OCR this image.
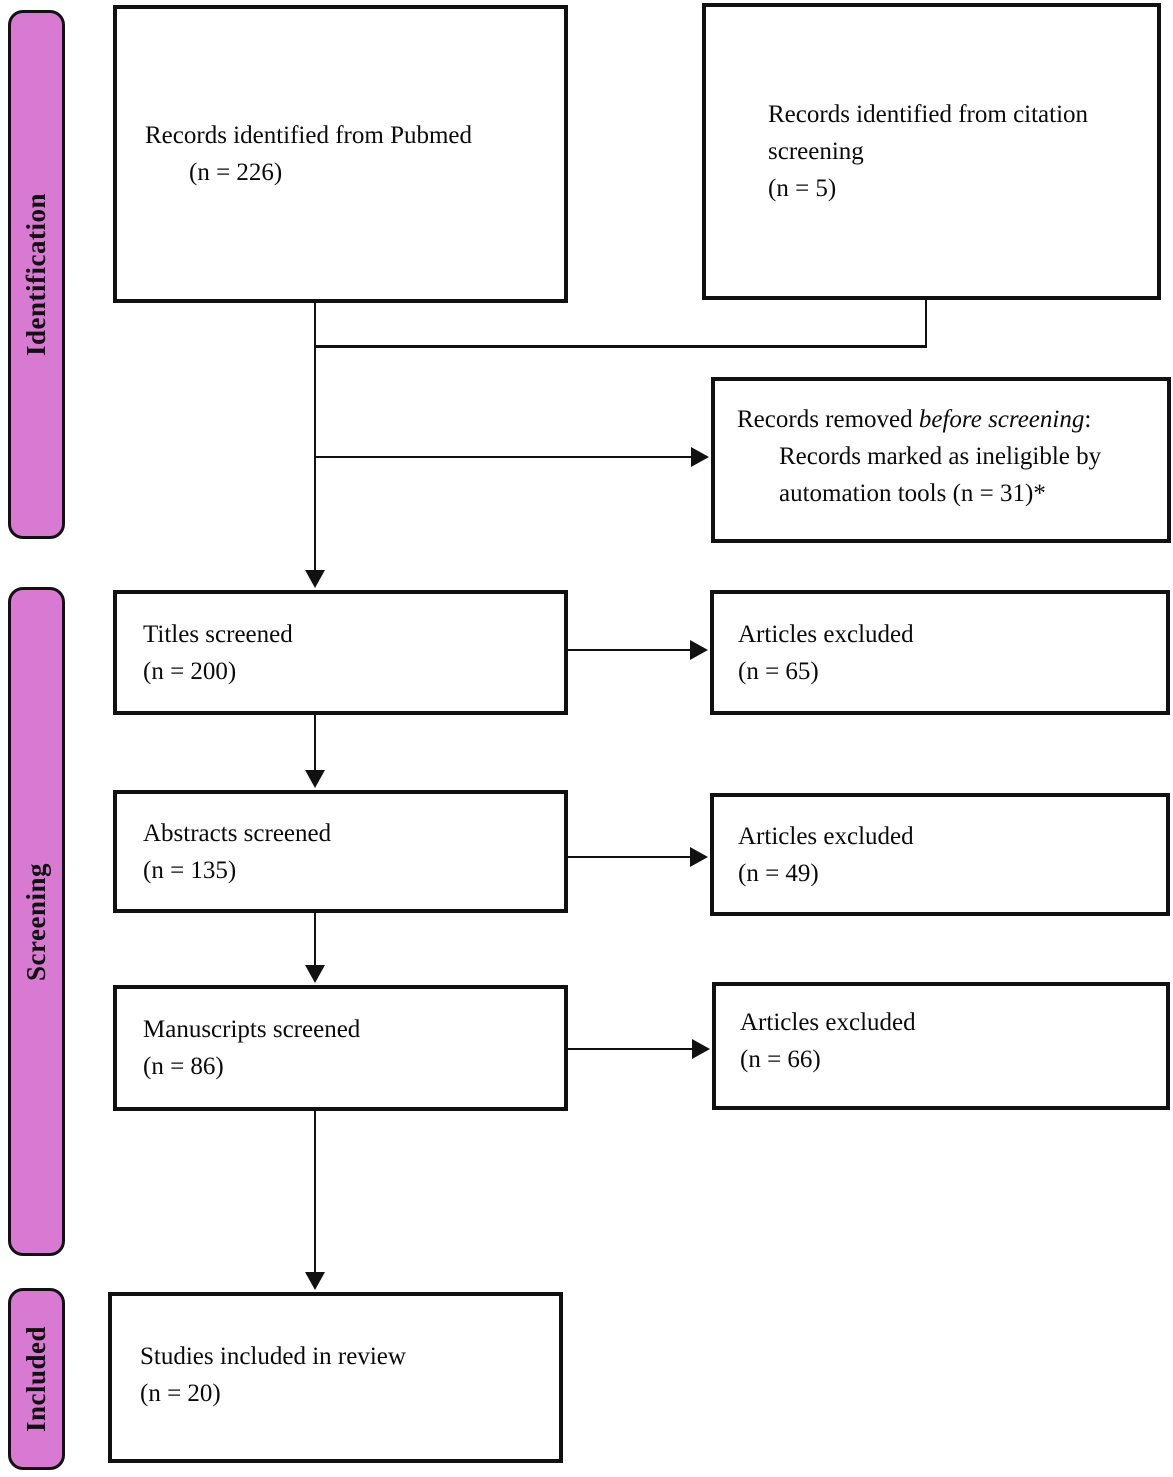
Identification
Screening
Included
Records identified from Pubmed
(n = 226)
Records identified from citation screening
(n = 5)
Records removed before screening:
Records marked as ineligible by
automation tools (n = 31)*
Titles screened
(n = 200)
Articles excluded
(n = 65)
Abstracts screened
(n = 135)
Articles excluded
(n = 49)
Manuscripts screened
(n = 86)
Articles excluded
(n = 66)
Studies included in review
(n = 20)
